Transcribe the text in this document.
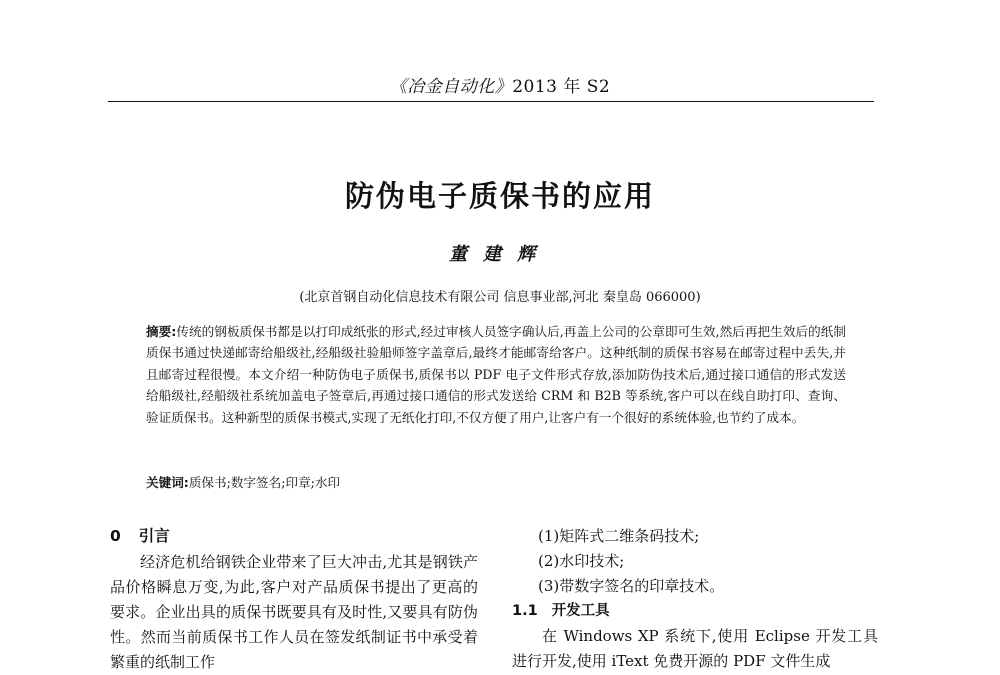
《冶金自动化》2013 年 S2
防伪电子质保书的应用
董建辉
(北京首钢自动化信息技术有限公司 信息事业部,河北 秦皇岛 066000)
摘要:传统的钢板质保书都是以打印成纸张的形式,经过审核人员签字确认后,再盖上公司的公章即可生效,然后再把生效后的纸制质保书通过快递邮寄给船级社,经船级社验船师签字盖章后,最终才能邮寄给客户。这种纸制的质保书容易在邮寄过程中丢失,并且邮寄过程很慢。本文介绍一种防伪电子质保书,质保书以 PDF 电子文件形式存放,添加防伪技术后,通过接口通信的形式发送给船级社,经船级社系统加盖电子签章后,再通过接口通信的形式发送给 CRM 和 B2B 等系统,客户可以在线自助打印、查询、验证质保书。这种新型的质保书模式,实现了无纸化打印,不仅方便了用户,让客户有一个很好的系统体验,也节约了成本。
关键词:质保书;数字签名;印章;水印
0 引言
经济危机给钢铁企业带来了巨大冲击,尤其是钢铁产品价格瞬息万变,为此,客户对产品质保书提出了更高的要求。企业出具的质保书既要具有及时性,又要具有防伪性。然而当前质保书工作人员在签发纸制证书中承受着繁重的纸制工作
(1)矩阵式二维条码技术;
(2)水印技术;
(3)带数字签名的印章技术。
1.1 开发工具
在 Windows XP 系统下,使用 Eclipse 开发工具进行开发,使用 iText 免费开源的 PDF 文件生成
